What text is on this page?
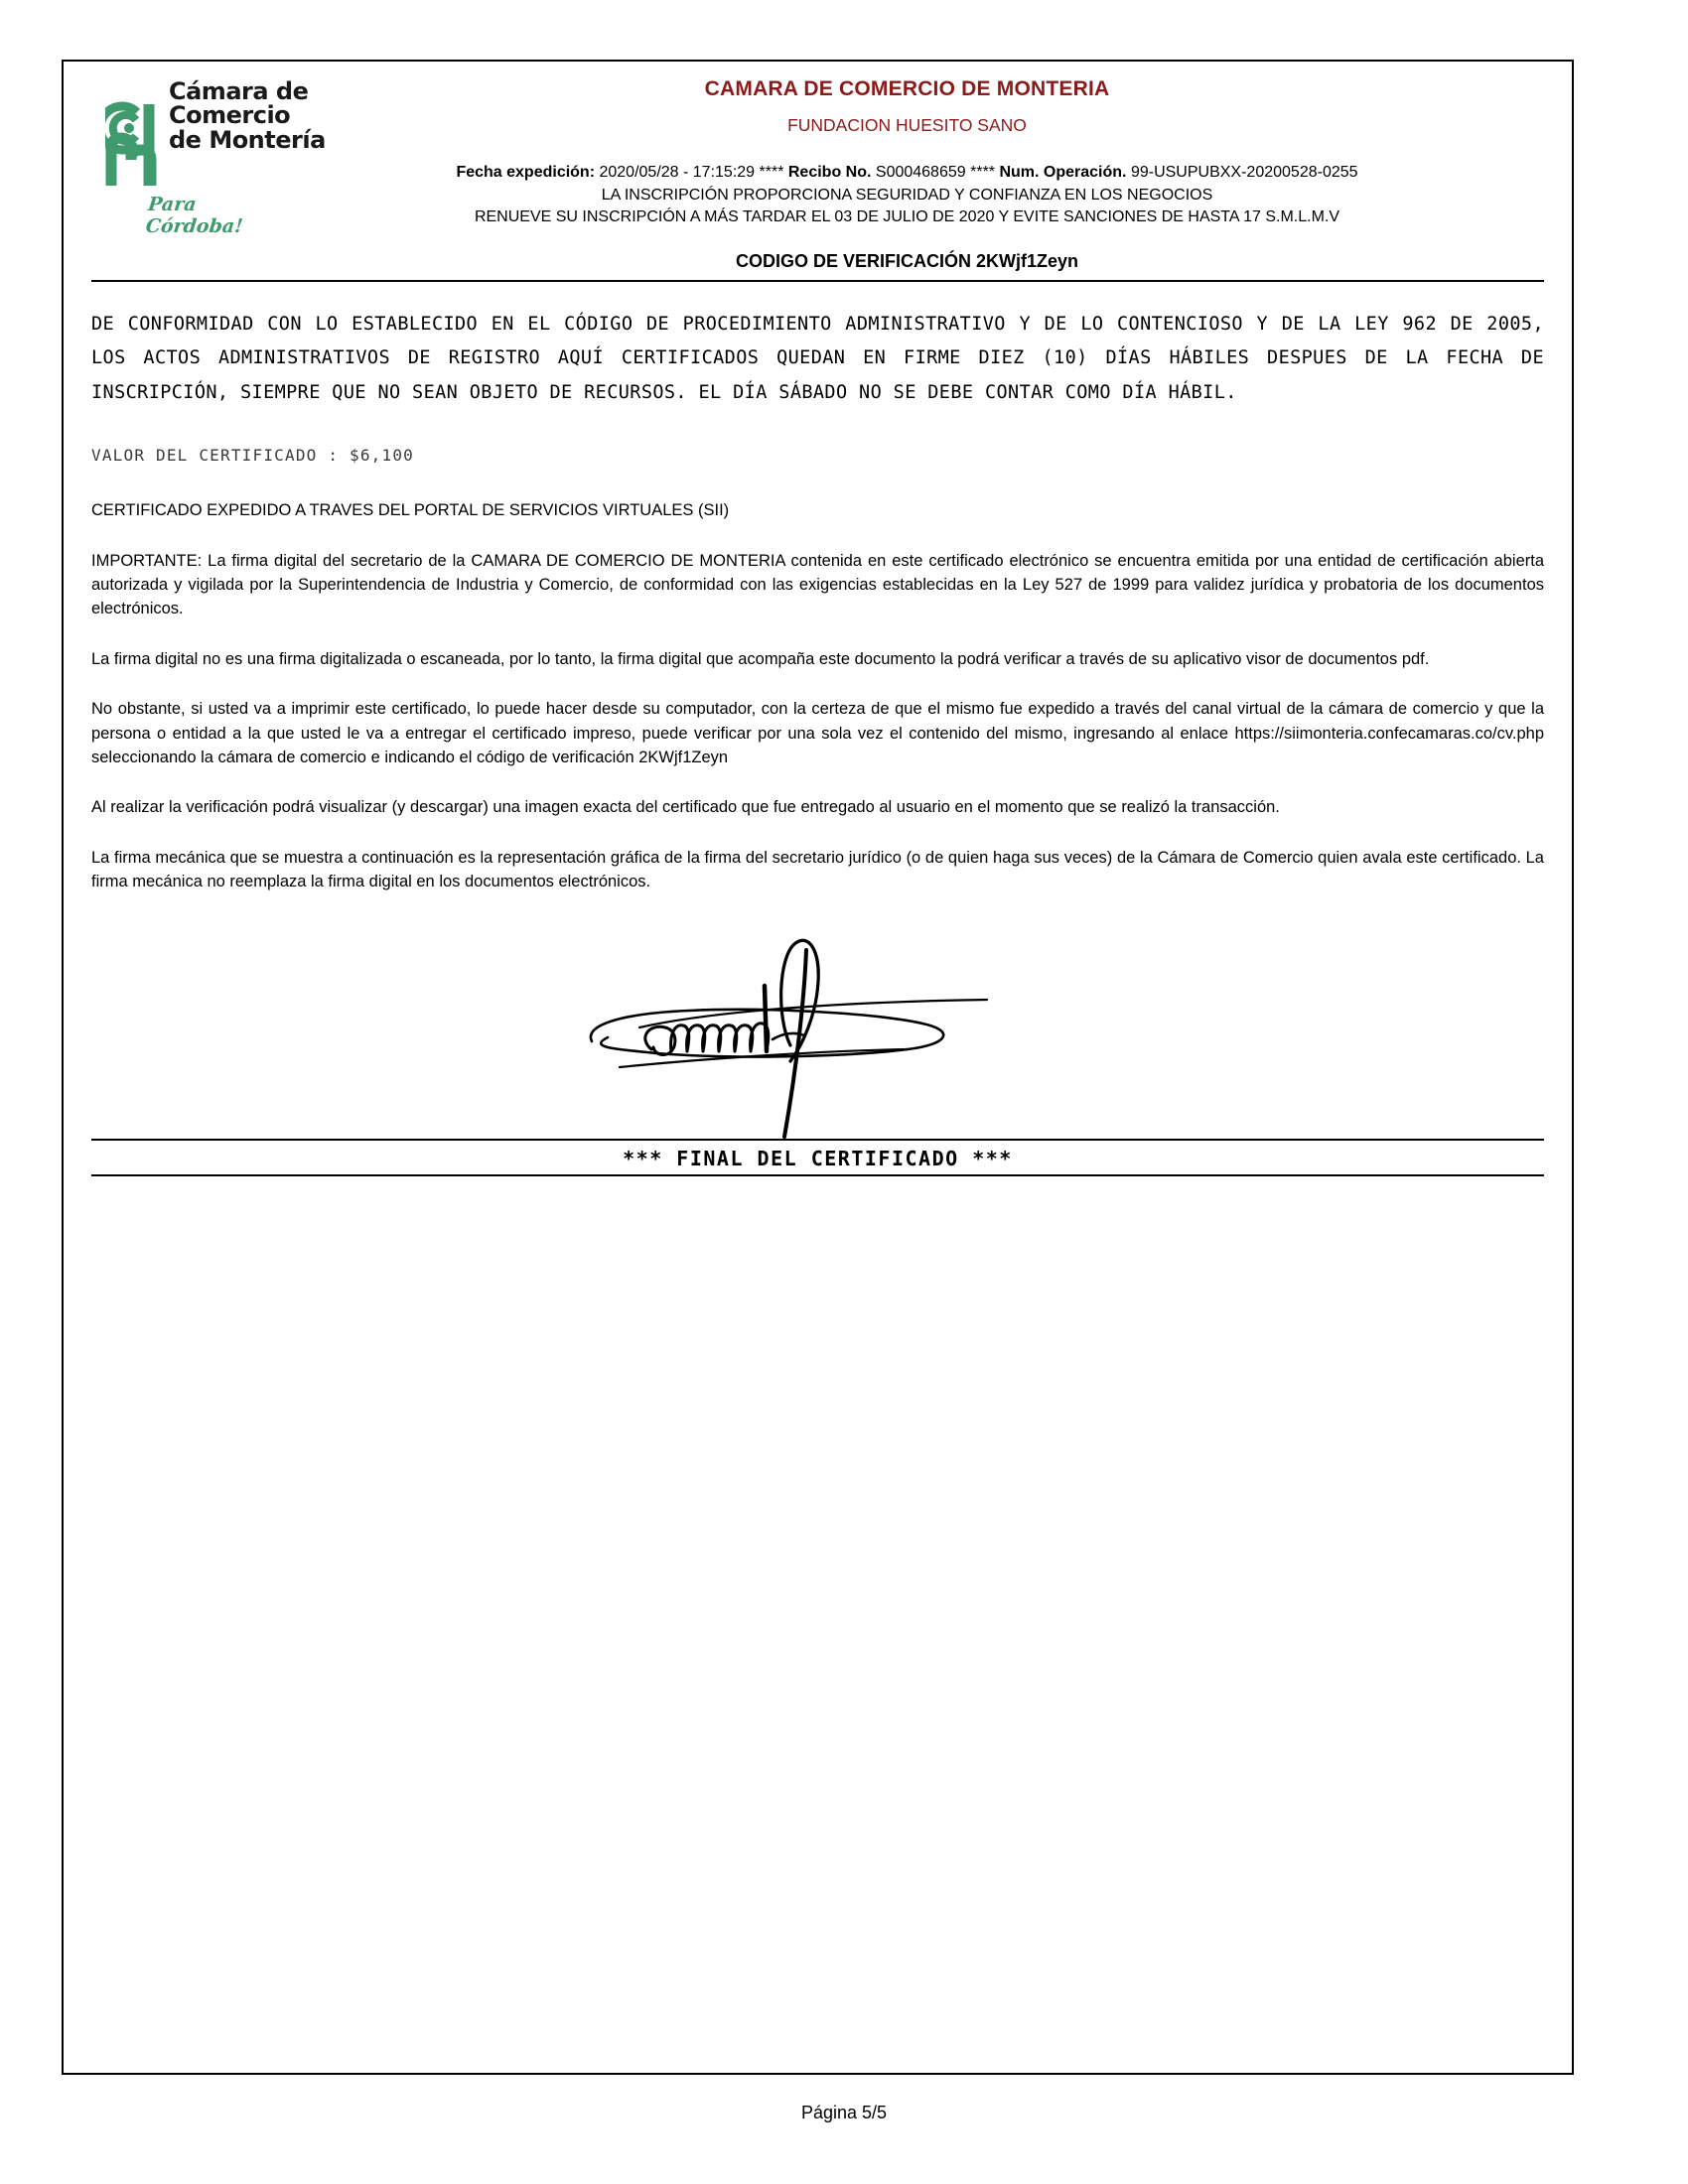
Cámara de
Comercio
de Montería
Para Córdoba!
CAMARA DE COMERCIO DE MONTERIA
FUNDACION HUESITO SANO
Fecha expedición: 2020/05/28 - 17:15:29 **** Recibo No. S000468659 **** Num. Operación. 99-USUPUBXX-20200528-0255
LA INSCRIPCIÓN PROPORCIONA SEGURIDAD Y CONFIANZA EN LOS NEGOCIOS
RENUEVE SU INSCRIPCIÓN A MÁS TARDAR EL 03 DE JULIO DE 2020 Y EVITE SANCIONES DE HASTA 17 S.M.L.M.V
CODIGO DE VERIFICACIÓN 2KWjf1Zeyn
DE CONFORMIDAD CON LO ESTABLECIDO EN EL CÓDIGO DE PROCEDIMIENTO ADMINISTRATIVO Y DE LO CONTENCIOSO Y DE LA LEY 962 DE 2005, LOS ACTOS ADMINISTRATIVOS DE REGISTRO AQUÍ CERTIFICADOS QUEDAN EN FIRME DIEZ (10) DÍAS HÁBILES DESPUES DE LA FECHA DE INSCRIPCIÓN, SIEMPRE QUE NO SEAN OBJETO DE RECURSOS. EL DÍA SÁBADO NO SE DEBE CONTAR COMO DÍA HÁBIL.
VALOR DEL CERTIFICADO : $6,100
CERTIFICADO EXPEDIDO A TRAVES DEL PORTAL DE SERVICIOS VIRTUALES (SII)
IMPORTANTE: La firma digital del secretario de la CAMARA DE COMERCIO DE MONTERIA contenida en este certificado electrónico se encuentra emitida por una entidad de certificación abierta autorizada y vigilada por la Superintendencia de Industria y Comercio, de conformidad con las exigencias establecidas en la Ley 527 de 1999 para validez jurídica y probatoria de los documentos electrónicos.
La firma digital no es una firma digitalizada o escaneada, por lo tanto, la firma digital que acompaña este documento la podrá verificar a través de su aplicativo visor de documentos pdf.
No obstante, si usted va a imprimir este certificado, lo puede hacer desde su computador, con la certeza de que el mismo fue expedido a través del canal virtual de la cámara de comercio y que la persona o entidad a la que usted le va a entregar el certificado impreso, puede verificar por una sola vez el contenido del mismo, ingresando al enlace https://siimonteria.confecamaras.co/cv.php seleccionando la cámara de comercio e indicando el código de verificación 2KWjf1Zeyn
Al realizar la verificación podrá visualizar (y descargar) una imagen exacta del certificado que fue entregado al usuario en el momento que se realizó la transacción.
La firma mecánica que se muestra a continuación es la representación gráfica de la firma del secretario jurídico (o de quien haga sus veces) de la Cámara de Comercio quien avala este certificado. La firma mecánica no reemplaza la firma digital en los documentos electrónicos.
*** FINAL DEL CERTIFICADO ***
Página 5/5
